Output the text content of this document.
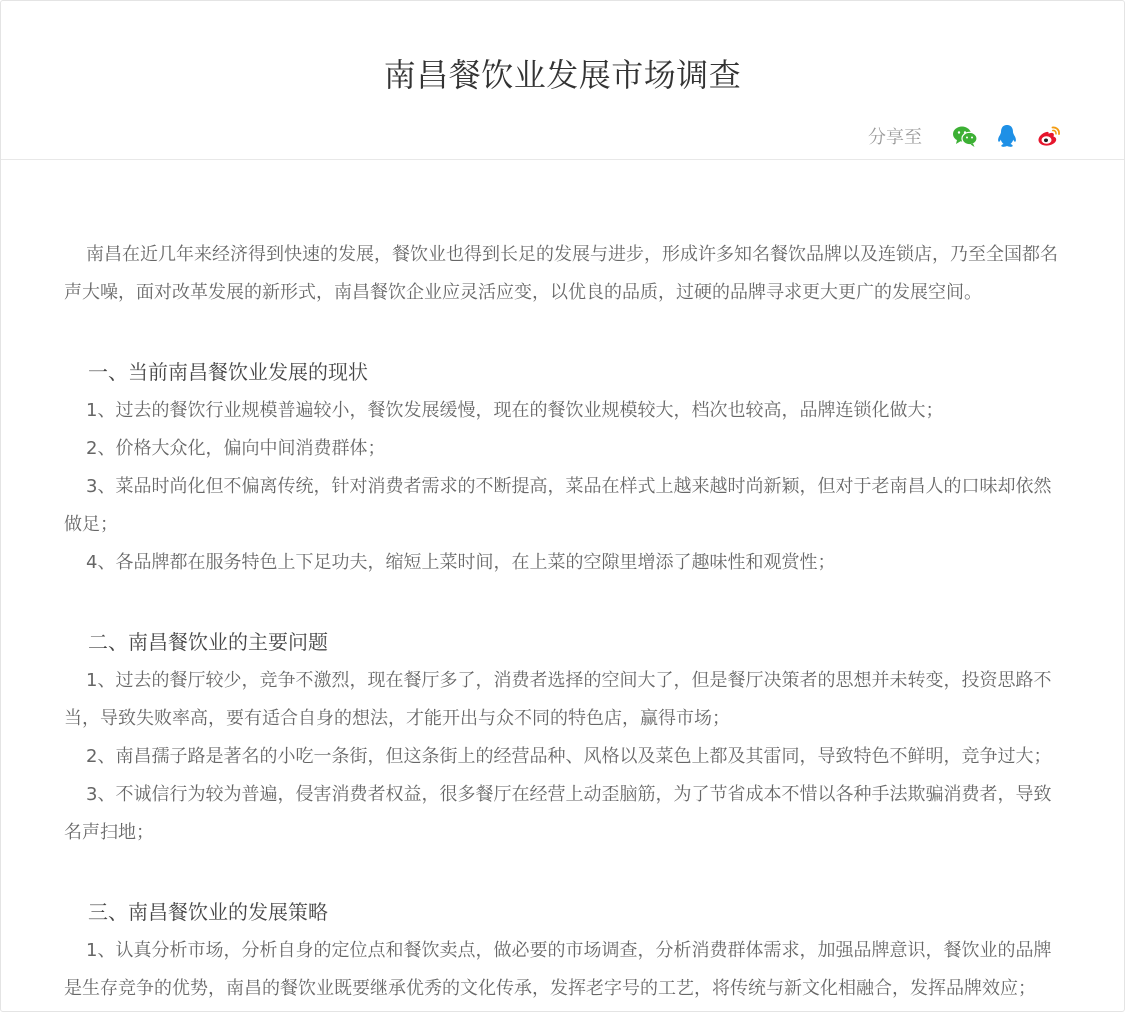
南昌餐饮业发展市场调查
分享至

南昌在近几年来经济得到快速的发展，餐饮业也得到长足的发展与进步，形成许多知名餐饮品牌以及连锁店，乃至全国都名声大噪，面对改革发展的新形式，南昌餐饮企业应灵活应变，以优良的品质，过硬的品牌寻求更大更广的发展空间。

一、当前南昌餐饮业发展的现状

1、过去的餐饮行业规模普遍较小，餐饮发展缓慢，现在的餐饮业规模较大，档次也较高，品牌连锁化做大；

2、价格大众化，偏向中间消费群体；

3、菜品时尚化但不偏离传统，针对消费者需求的不断提高，菜品在样式上越来越时尚新颖，但对于老南昌人的口味却依然做足；

4、各品牌都在服务特色上下足功夫，缩短上菜时间，在上菜的空隙里增添了趣味性和观赏性；

二、南昌餐饮业的主要问题

1、过去的餐厅较少，竞争不激烈，现在餐厅多了，消费者选择的空间大了，但是餐厅决策者的思想并未转变，投资思路不当，导致失败率高，要有适合自身的想法，才能开出与众不同的特色店，赢得市场；

2、南昌孺子路是著名的小吃一条街，但这条街上的经营品种、风格以及菜色上都及其雷同，导致特色不鲜明，竞争过大；

3、不诚信行为较为普遍，侵害消费者权益，很多餐厅在经营上动歪脑筋，为了节省成本不惜以各种手法欺骗消费者，导致名声扫地；

三、南昌餐饮业的发展策略

1、认真分析市场，分析自身的定位点和餐饮卖点，做必要的市场调查，分析消费群体需求，加强品牌意识，餐饮业的品牌是生存竞争的优势，南昌的餐饮业既要继承优秀的文化传承，发挥老字号的工艺，将传统与新文化相融合，发挥品牌效应；
